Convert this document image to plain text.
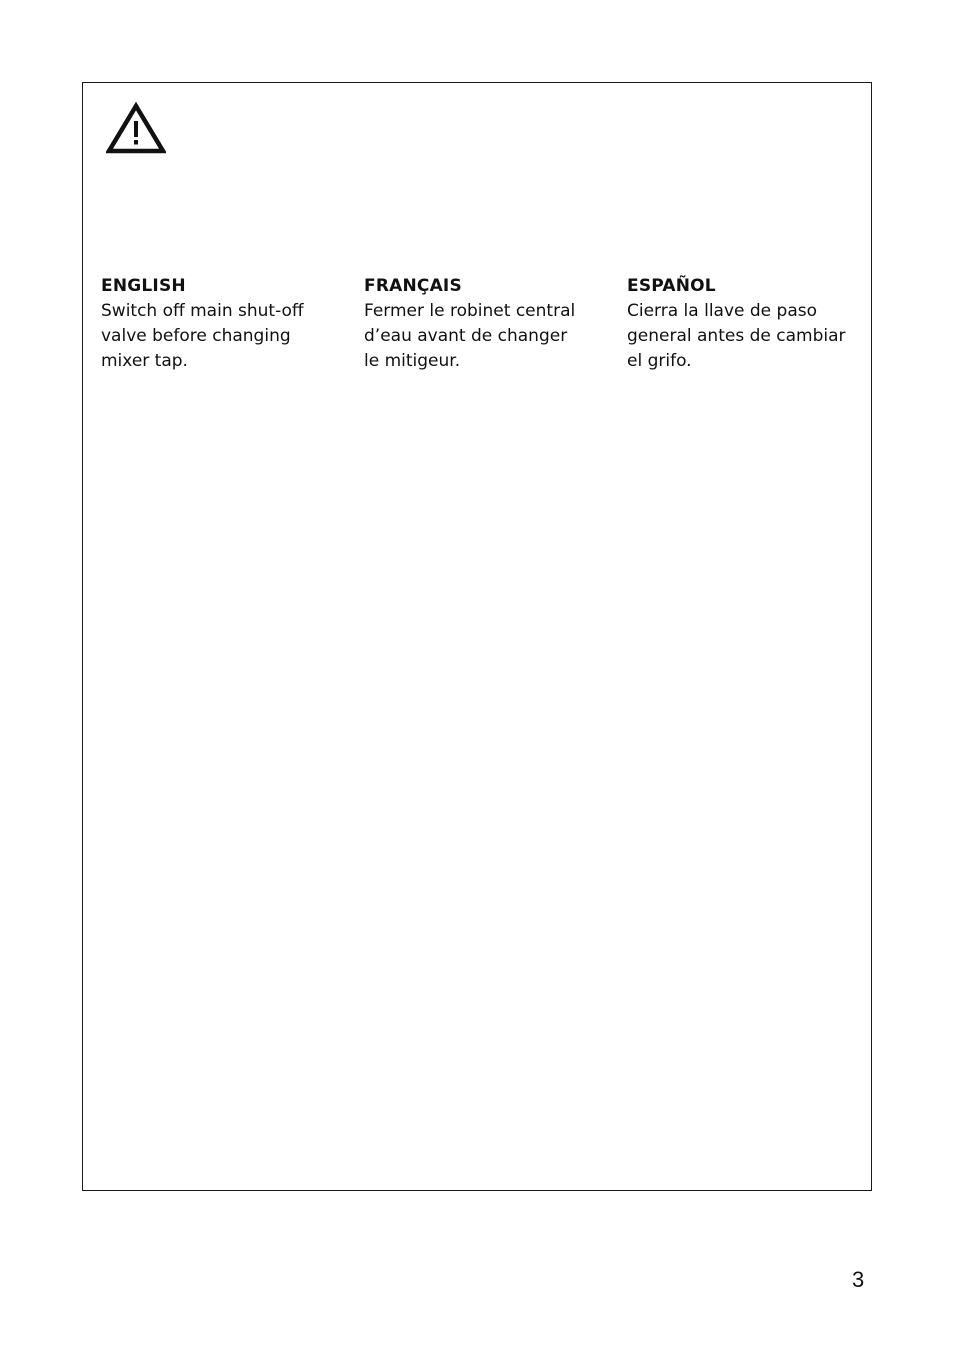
ENGLISH

Switch off main shut-off
valve before changing
mixer tap.

FRANÇAIS

Fermer le robinet central
d’eau avant de changer
le mitigeur.

ESPAÑOL

Cierra la llave de paso
general antes de cambiar
el grifo.

3
